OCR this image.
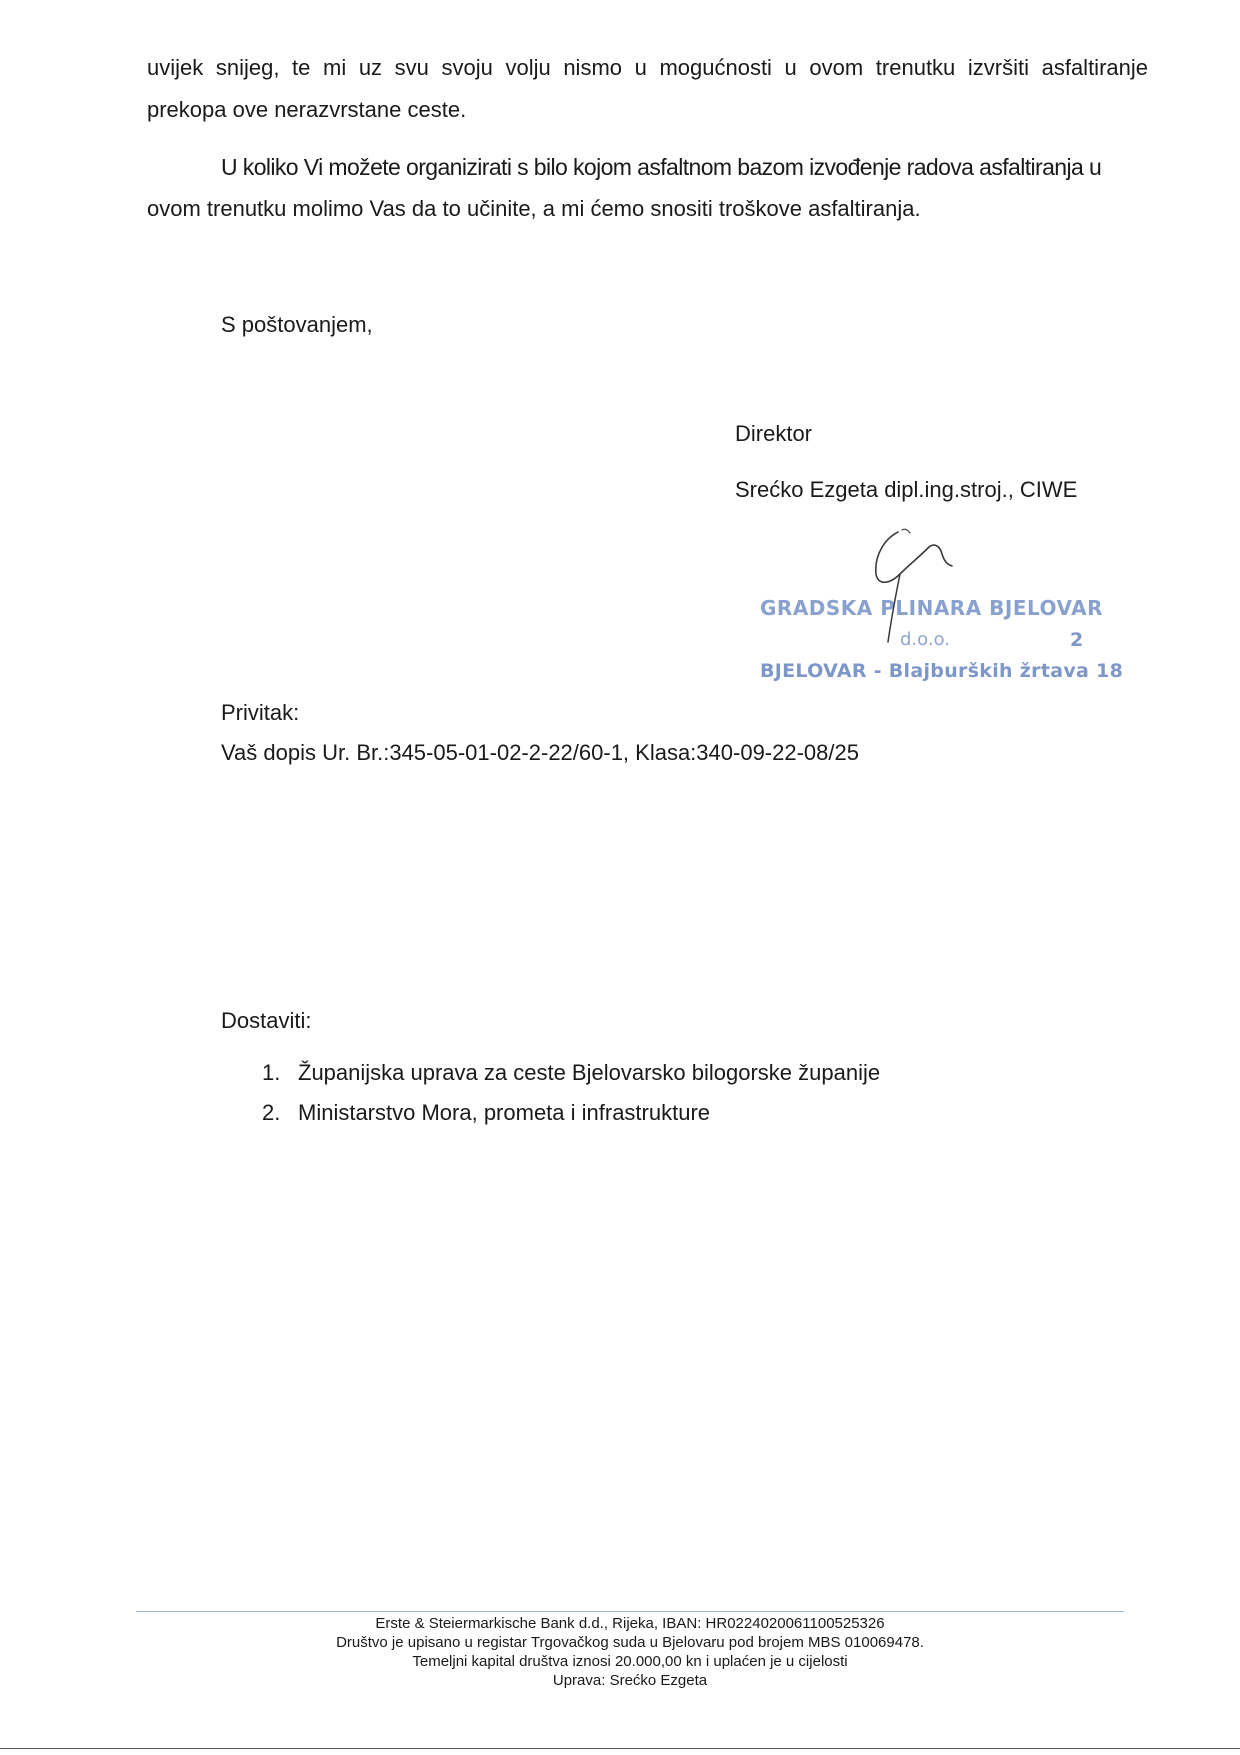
uvijek snijeg, te mi uz svu svoju volju nismo u mogućnosti u ovom trenutku izvršiti asfaltiranje
prekopa ove nerazvrstane ceste.
U koliko Vi možete organizirati s bilo kojom asfaltnom bazom izvođenje radova asfaltiranja u
ovom trenutku molimo Vas da to učinite, a mi ćemo snositi troškove asfaltiranja.

S poštovanjem,

Direktor

Srećko Ezgeta dipl.ing.stroj., CIWE

GRADSKA PLINARA BJELOVAR
d.o.o.	2
BJELOVAR - Blajburških žrtava 18

Privitak:

Vaš dopis Ur. Br.:345-05-01-02-2-22/60-1, Klasa:340-09-22-08/25

Dostaviti:

1. Županijska uprava za ceste Bjelovarsko bilogorske županije
2. Ministarstvo Mora, prometa i infrastrukture
Erste & Steiermarkische Bank d.d., Rijeka, IBAN: HR0224020061100525326
Društvo je upisano u registar Trgovačkog suda u Bjelovaru pod brojem MBS 010069478.
Temeljni kapital društva iznosi 20.000,00 kn i uplaćen je u cijelosti
Uprava: Srećko Ezgeta
